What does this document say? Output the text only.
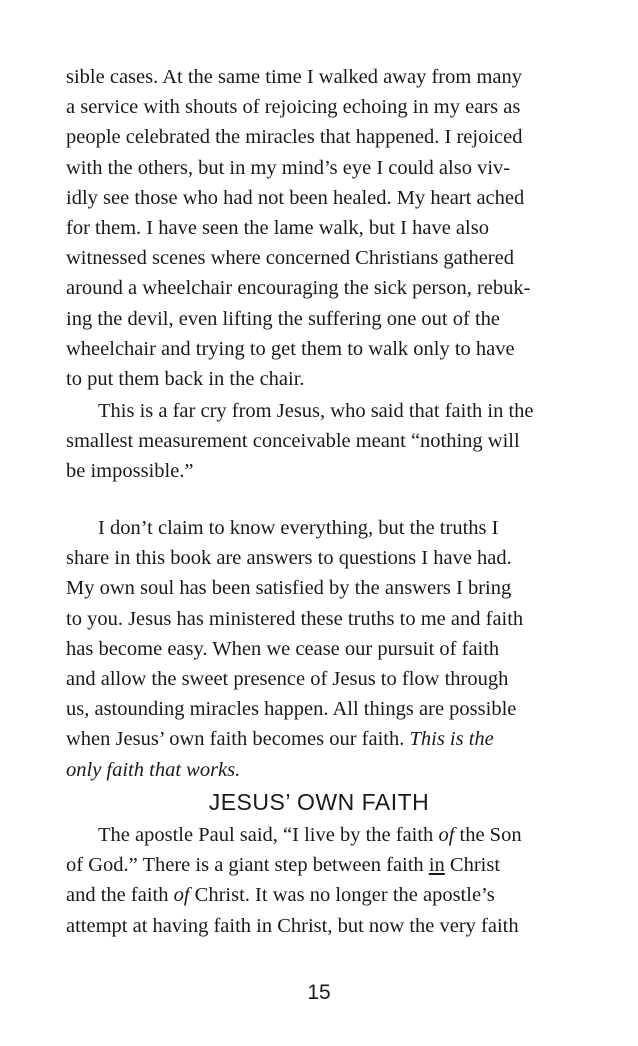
sible cases. At the same time I walked away from many
a service with shouts of rejoicing echoing in my ears as
people celebrated the miracles that happened. I rejoiced
with the others, but in my mind’s eye I could also viv-
idly see those who had not been healed. My heart ached
for them. I have seen the lame walk, but I have also
witnessed scenes where concerned Christians gathered
around a wheelchair encouraging the sick person, rebuk-
ing the devil, even lifting the suffering one out of the
wheelchair and trying to get them to walk only to have
to put them back in the chair.
This is a far cry from Jesus, who said that faith in the
smallest measurement conceivable meant “nothing will
be impossible.”
I don’t claim to know everything, but the truths I
share in this book are answers to questions I have had.
My own soul has been satisfied by the answers I bring
to you. Jesus has ministered these truths to me and faith
has become easy. When we cease our pursuit of faith
and allow the sweet presence of Jesus to flow through
us, astounding miracles happen. All things are possible
when Jesus’ own faith becomes our faith. This is the
only faith that works.
JESUS’ OWN FAITH
The apostle Paul said, “I live by the faith of the Son
of God.” There is a giant step between faith in Christ
and the faith of Christ. It was no longer the apostle’s
attempt at having faith in Christ, but now the very faith
15
